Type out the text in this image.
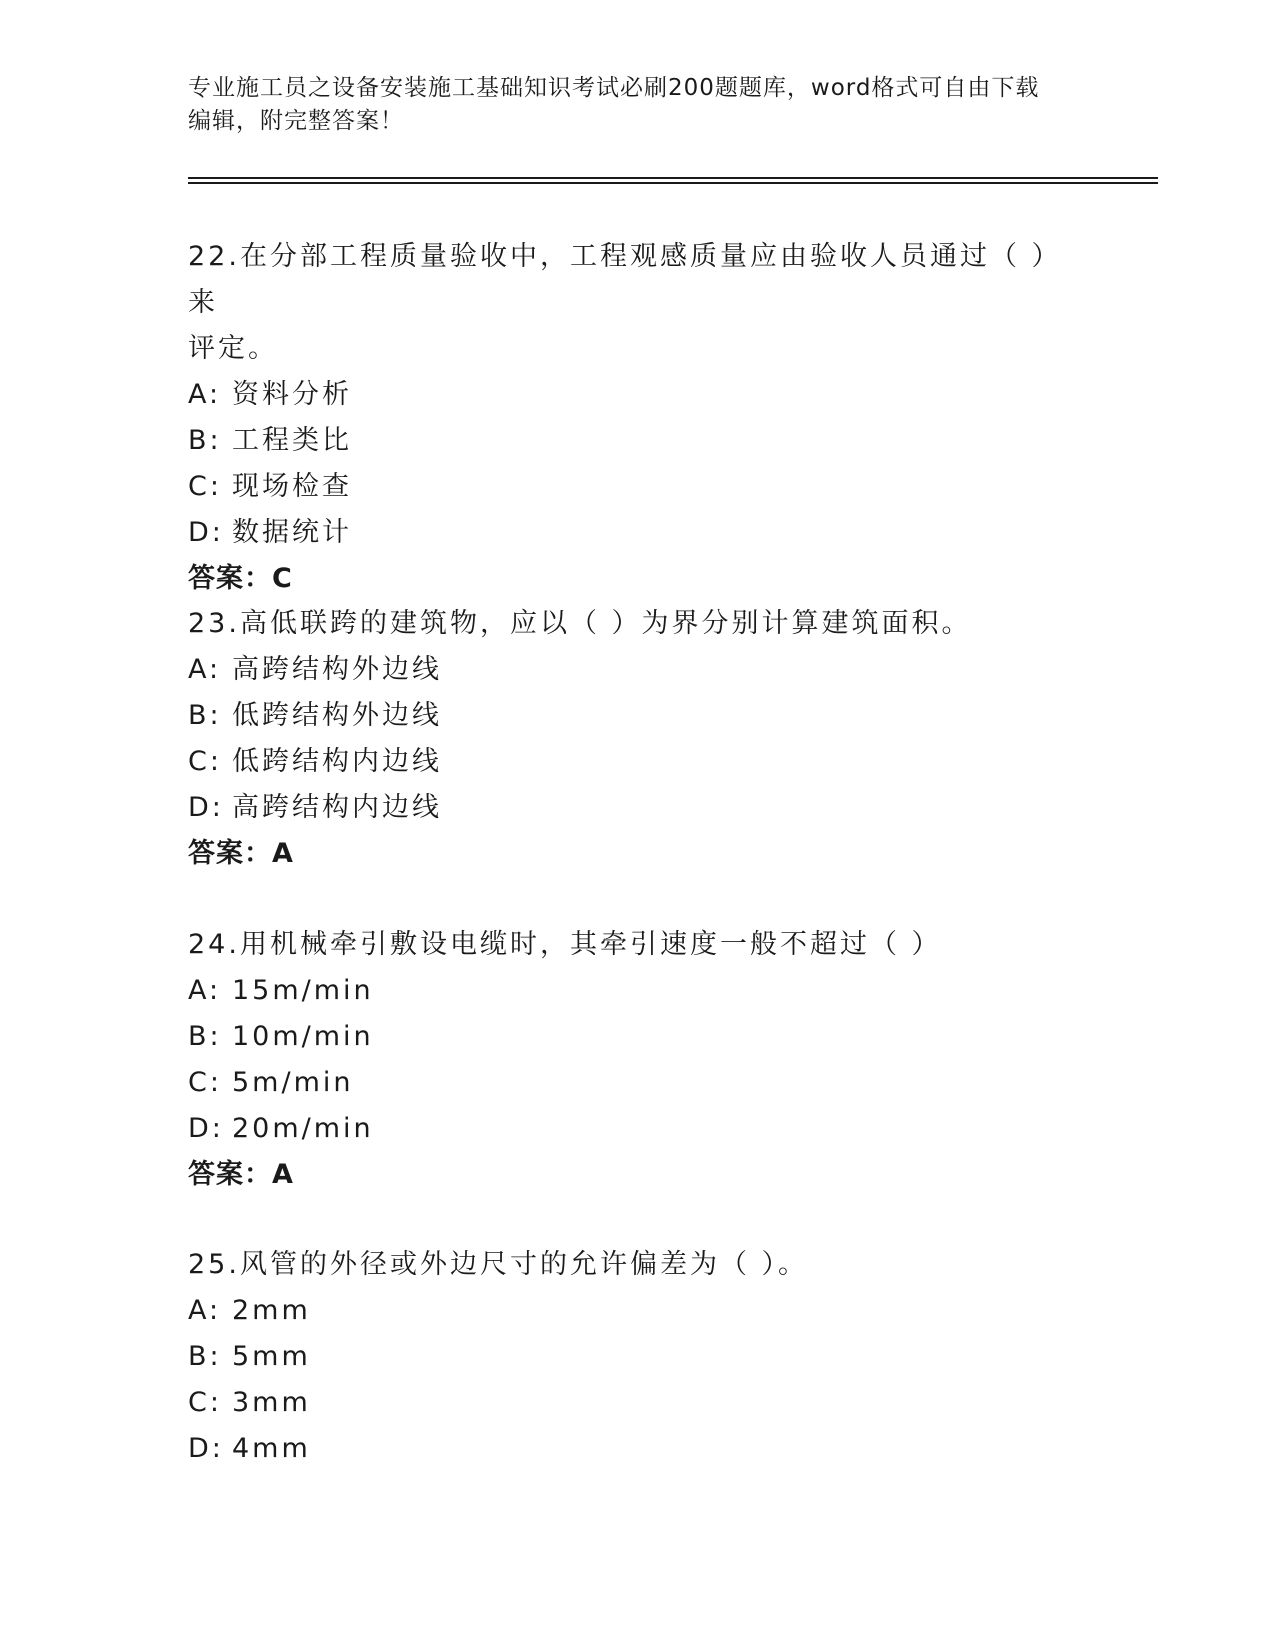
专业施工员之设备安装施工基础知识考试必刷200题题库，word格式可自由下载
编辑，附完整答案！

22.在分部工程质量验收中，工程观感质量应由验收人员通过（ ）来

评定。

A: 资料分析

B: 工程类比

C: 现场检查

D: 数据统计

答案：C

23.高低联跨的建筑物，应以（ ）为界分别计算建筑面积。

A: 高跨结构外边线

B: 低跨结构外边线

C: 低跨结构内边线

D: 高跨结构内边线

答案：A

24.用机械牵引敷设电缆时，其牵引速度一般不超过（ ）

A: 15m/min

B: 10m/min

C: 5m/min

D: 20m/min

答案：A

25.风管的外径或外边尺寸的允许偏差为（ ）。

A: 2mm

B: 5mm

C: 3mm

D: 4mm
